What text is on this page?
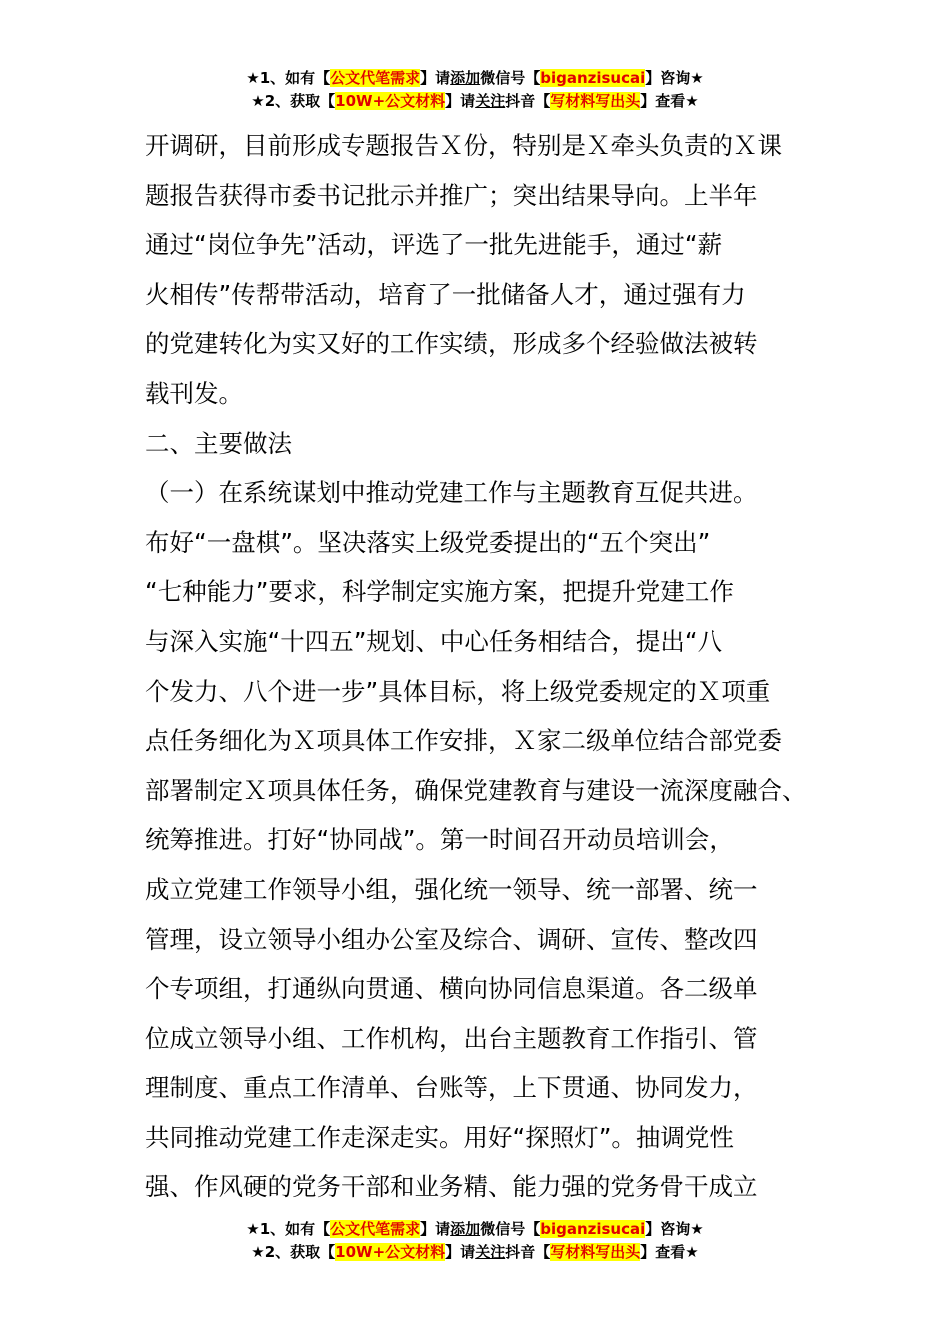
★1、如有【公文代笔需求】请添加微信号【biganzisucai】咨询★
★2、获取【10W+公文材料】请关注抖音【写材料写出头】查看★
开调研，目前形成专题报告Ｘ份，特别是Ｘ牵头负责的Ｘ课
题报告获得市委书记批示并推广；突出结果导向。上半年
通过“岗位争先”活动，评选了一批先进能手，通过“薪
火相传”传帮带活动，培育了一批储备人才，通过强有力
的党建转化为实又好的工作实绩，形成多个经验做法被转
载刊发。
二、主要做法
（一）在系统谋划中推动党建工作与主题教育互促共进。
布好“一盘棋”。坚决落实上级党委提出的“五个突出”
“七种能力”要求，科学制定实施方案，把提升党建工作
与深入实施“十四五”规划、中心任务相结合，提出“八
个发力、八个进一步”具体目标，将上级党委规定的Ｘ项重
点任务细化为Ｘ项具体工作安排，Ｘ家二级单位结合部党委
部署制定Ｘ项具体任务，确保党建教育与建设一流深度融合、
统筹推进。打好“协同战”。第一时间召开动员培训会，
成立党建工作领导小组，强化统一领导、统一部署、统一
管理，设立领导小组办公室及综合、调研、宣传、整改四
个专项组，打通纵向贯通、横向协同信息渠道。各二级单
位成立领导小组、工作机构，出台主题教育工作指引、管
理制度、重点工作清单、台账等，上下贯通、协同发力，
共同推动党建工作走深走实。用好“探照灯”。抽调党性
强、作风硬的党务干部和业务精、能力强的党务骨干成立
★1、如有【公文代笔需求】请添加微信号【biganzisucai】咨询★
★2、获取【10W+公文材料】请关注抖音【写材料写出头】查看★
